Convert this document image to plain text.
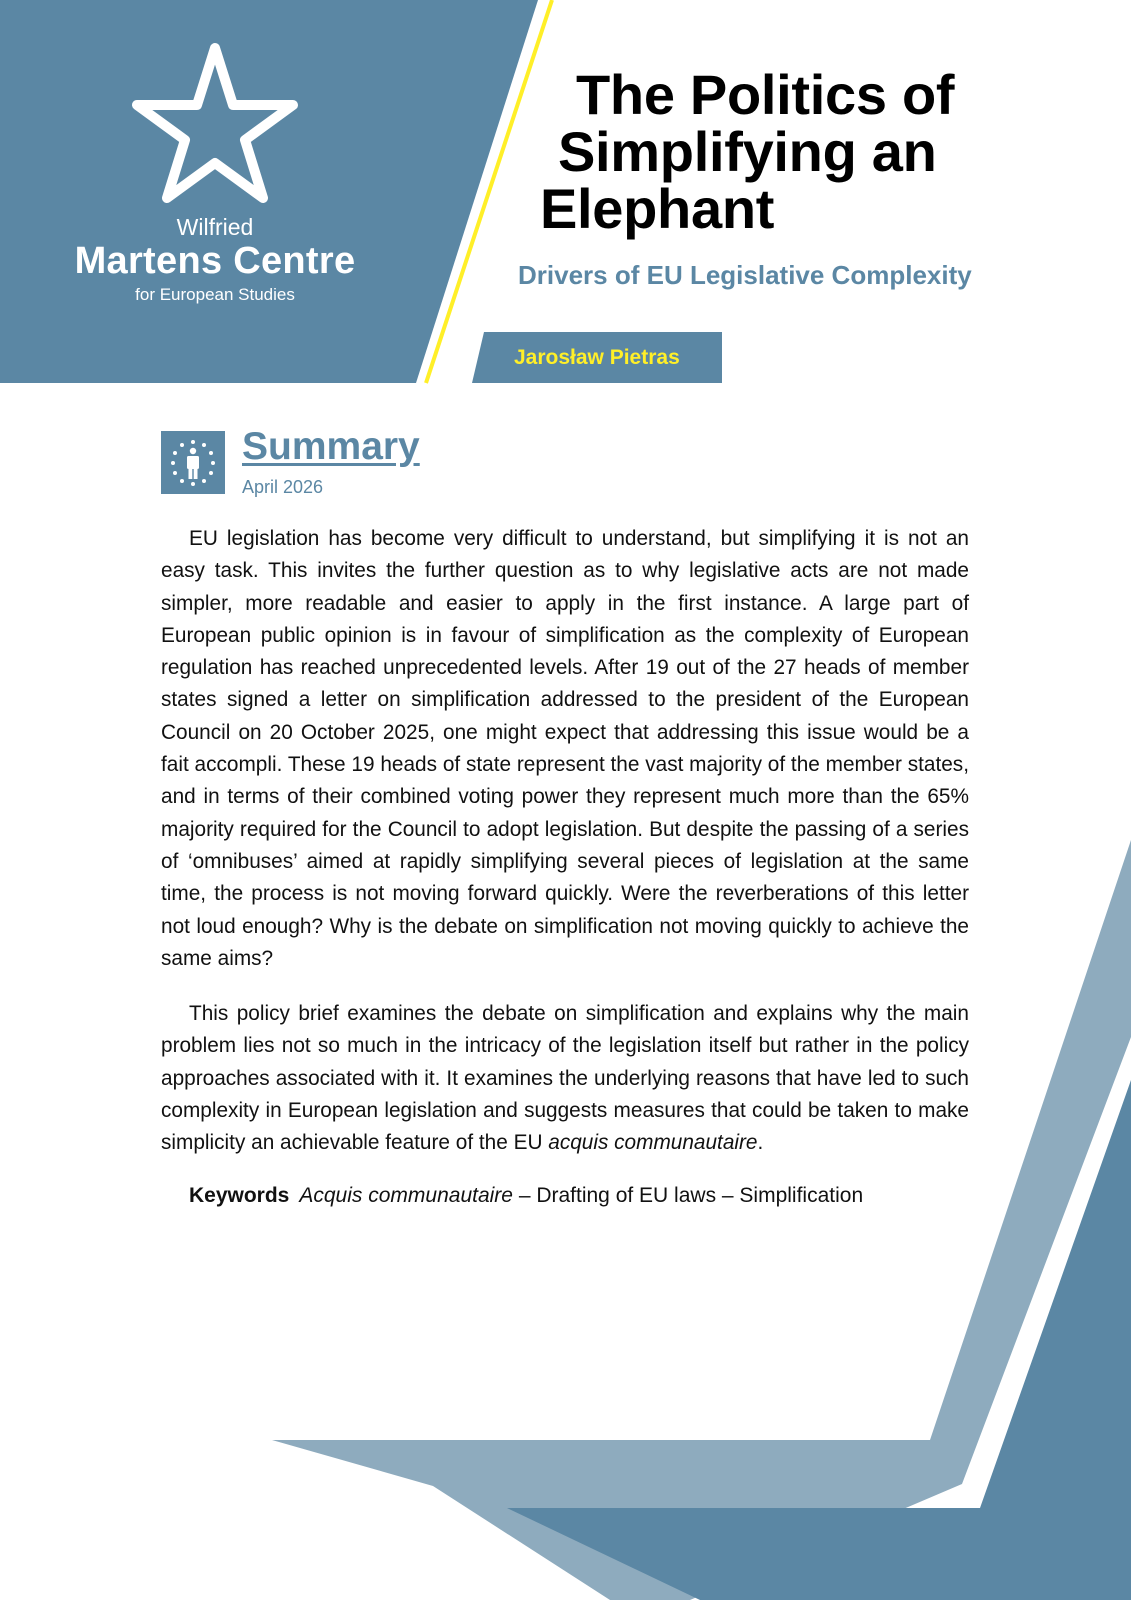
Wilfried
Martens Centre
for European Studies
The Politics of
Simplifying an
Elephant
Drivers of EU Legislative Complexity
Jarosław Pietras
Summary
April 2026

EU legislation has become very difficult to understand, but simplifying it is not an easy task. This invites the further question as to why legislative acts are not made simpler, more readable and easier to apply in the first instance. A large part of European public opinion is in favour of simplification as the complexity of European regulation has reached unprecedented levels. After 19 out of the 27 heads of member states signed a letter on simplification addressed to the president of the European Council on 20 October 2025, one might expect that addressing this issue would be a fait accompli. These 19 heads of state represent the vast majority of the member states, and in terms of their combined voting power they represent much more than the 65% majority required for the Council to adopt legislation. But despite the passing of a series of ‘omnibuses’ aimed at rapidly simplifying several pieces of legislation at the same time, the process is not moving forward quickly. Were the reverberations of this letter not loud enough? Why is the debate on simplification not moving quickly to achieve the same aims?

This policy brief examines the debate on simplification and explains why the main problem lies not so much in the intricacy of the legislation itself but rather in the policy approaches associated with it. It examines the underlying reasons that have led to such complexity in European legislation and suggests measures that could be taken to make simplicity an achievable feature of the EU acquis communautaire.

Keywords Acquis communautaire – Drafting of EU laws – Simplification
